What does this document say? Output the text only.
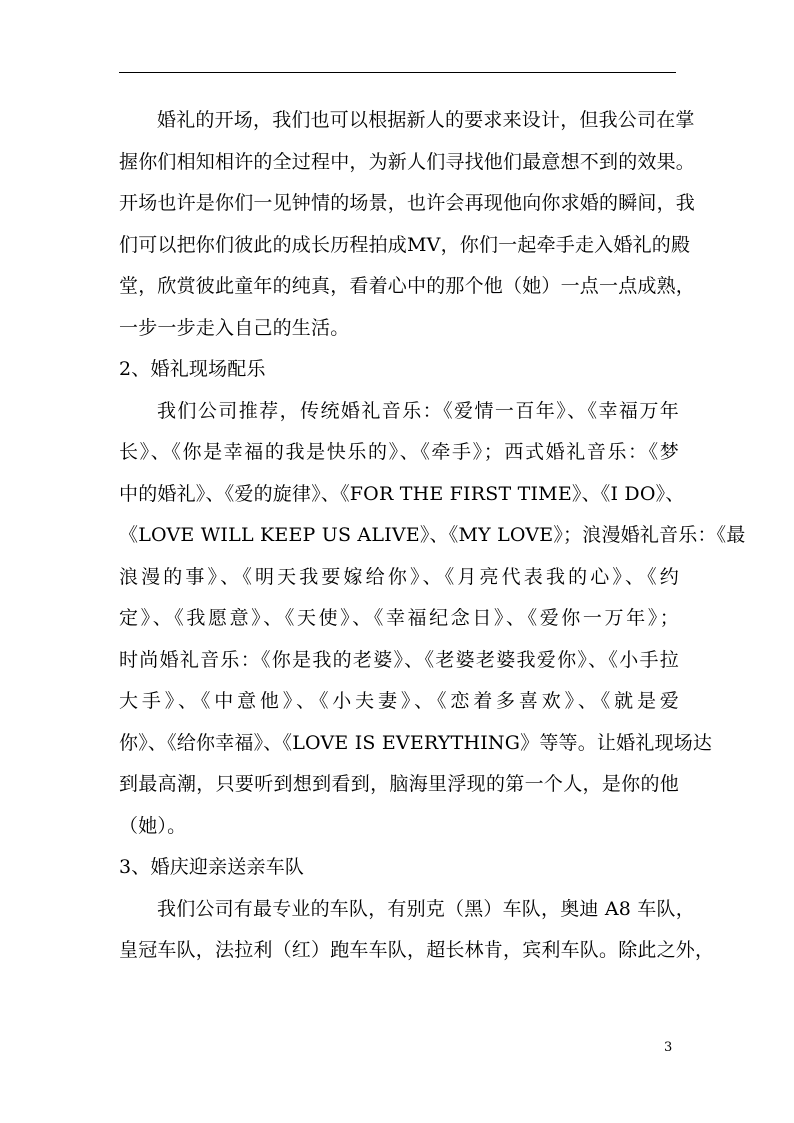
婚礼的开场，我们也可以根据新人的要求来设计，但我公司在掌
握你们相知相许的全过程中，为新人们寻找他们最意想不到的效果。
开场也许是你们一见钟情的场景，也许会再现他向你求婚的瞬间，我
们可以把你们彼此的成长历程拍成MV，你们一起牵手走入婚礼的殿
堂，欣赏彼此童年的纯真，看着心中的那个他（她）一点一点成熟，
一步一步走入自己的生活。
2、婚礼现场配乐
我们公司推荐，传统婚礼音乐：《爱情一百年》、《幸福万年
长》、《你是幸福的我是快乐的》、《牵手》；西式婚礼音乐：《梦
中的婚礼》、《爱的旋律》、《FOR THE FIRST TIME》、《I DO》、
《LOVE WILL KEEP US ALIVE》、《MY LOVE》；浪漫婚礼音乐：《最
浪漫的事》、《明天我要嫁给你》、《月亮代表我的心》、《约
定》、《我愿意》、《天使》、《幸福纪念日》、《爱你一万年》；
时尚婚礼音乐：《你是我的老婆》、《老婆老婆我爱你》、《小手拉
大手》、《中意他》、《小夫妻》、《恋着多喜欢》、《就是爱
你》、《给你幸福》、《LOVE IS EVERYTHING》等等。让婚礼现场达
到最高潮，只要听到想到看到，脑海里浮现的第一个人，是你的他
（她）。
3、婚庆迎亲送亲车队
我们公司有最专业的车队，有别克（黑）车队，奥迪 A8 车队，
皇冠车队，法拉利（红）跑车车队，超长林肯，宾利车队。除此之外，
3
